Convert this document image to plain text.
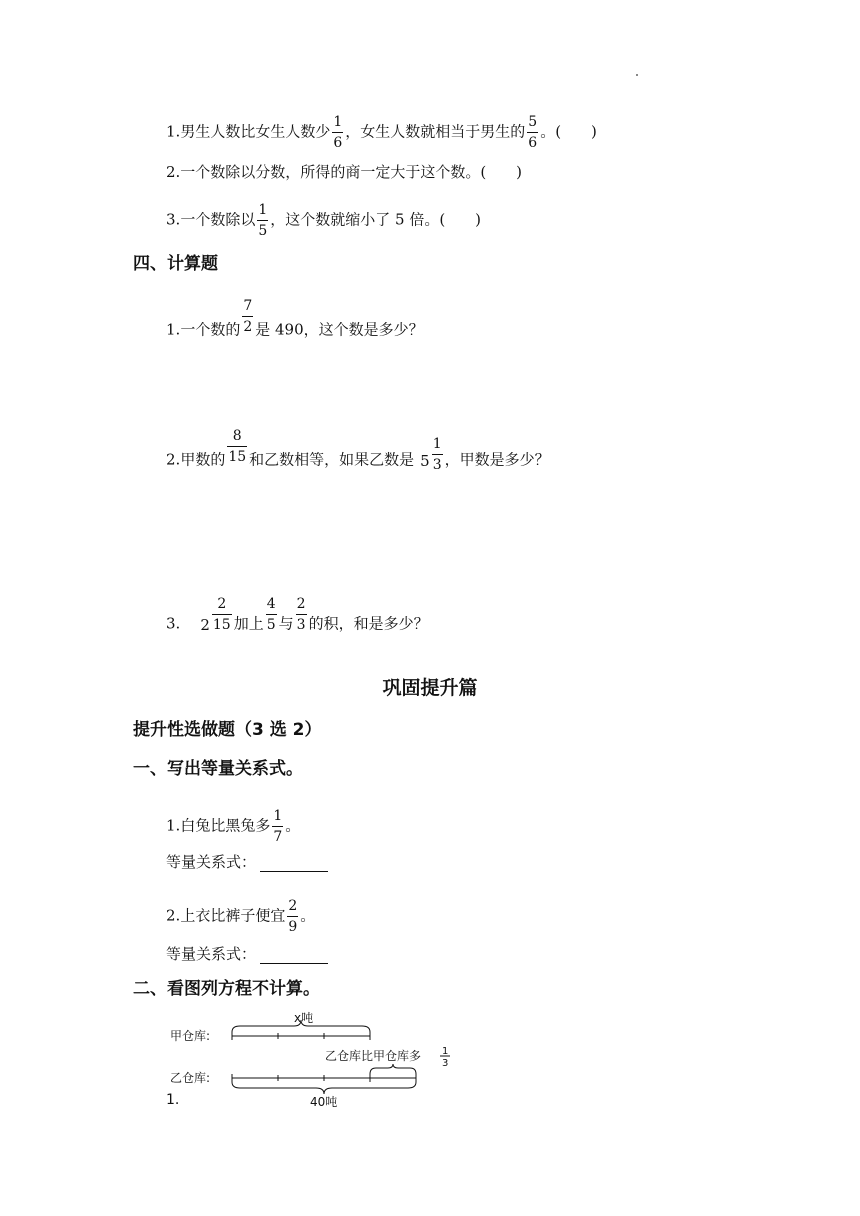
1.男生人数比女生人数少 $\frac{1}{6}$ ，女生人数就相当于男生的 $\frac{5}{6}$ 。(　　)
2.一个数除以分数，所得的商一定大于这个数。(　　)
3.一个数除以 $\frac{1}{5}$ ，这个数就缩小了 5 倍。(　　)
四、计算题
1.一个数的 $\frac{7}{2}$ 是 490，这个数是多少？
2.甲数的 $\frac{8}{15}$ 和乙数相等，如果乙数是 $5 \frac{1}{3}$ ，甲数是多少？
3. $2 \frac{2}{15}$ 加上 $\frac{4}{5}$ 与 $\frac{2}{3}$ 的积，和是多少？
巩固提升篇
提升性选做题（3 选 2）
一、写出等量关系式。
1.白兔比黑兔多 $\frac{1}{7}$ 。
等量关系式：
2.上衣比裤子便宜 $\frac{2}{9}$ 。
等量关系式：
二、看图列方程不计算。
甲仓库:
乙仓库:
x吨
乙仓库比甲仓库多 1
3
40吨
1.
